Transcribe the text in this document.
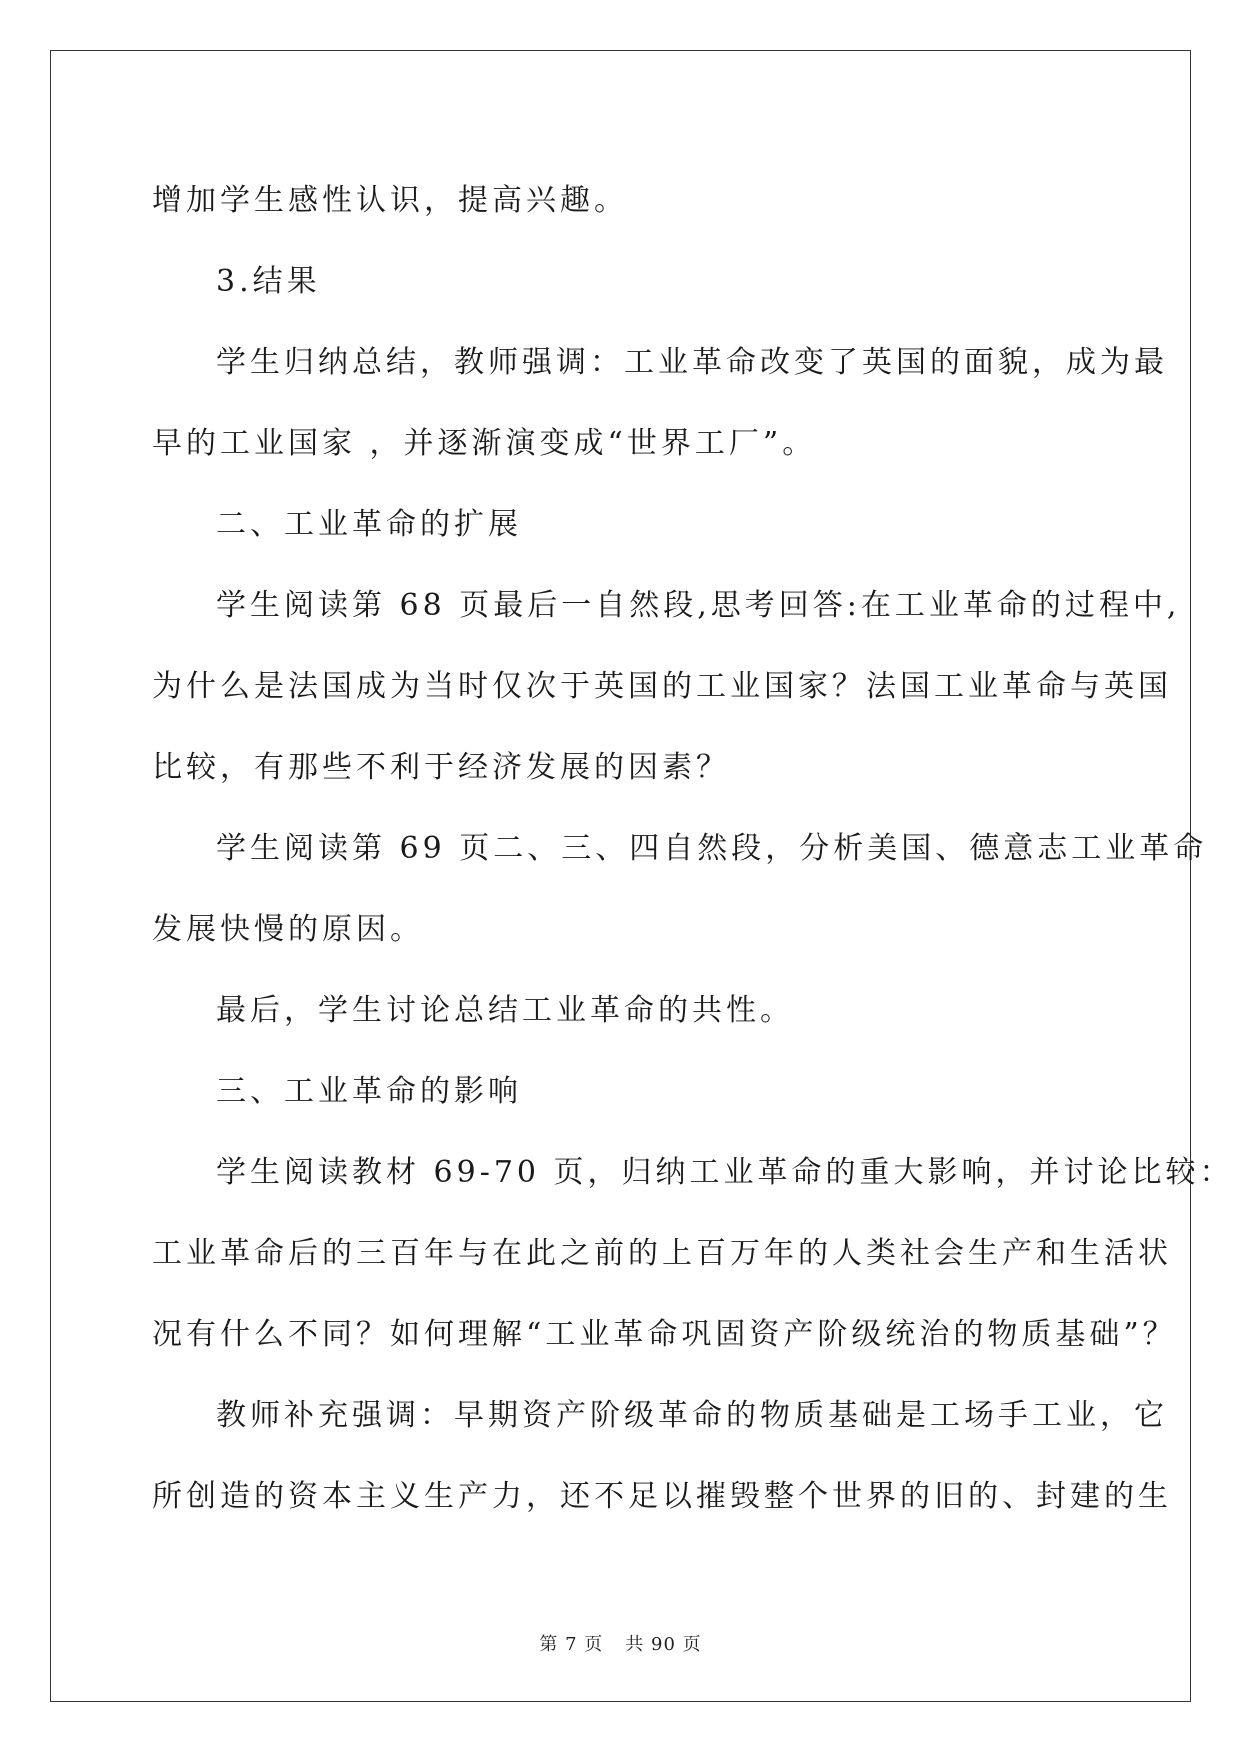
增加学生感性认识，提高兴趣。
3.结果
学生归纳总结，教师强调：工业革命改变了英国的面貌，成为最
早的工业国家 ，并逐渐演变成“世界工厂”。
二、工业革命的扩展
学生阅读第 68 页最后一自然段,思考回答:在工业革命的过程中,
为什么是法国成为当时仅次于英国的工业国家？法国工业革命与英国
比较，有那些不利于经济发展的因素？
学生阅读第 69 页二、三、四自然段，分析美国、德意志工业革命
发展快慢的原因。
最后，学生讨论总结工业革命的共性。
三、工业革命的影响
学生阅读教材 69-70 页，归纳工业革命的重大影响，并讨论比较：
工业革命后的三百年与在此之前的上百万年的人类社会生产和生活状
况有什么不同？如何理解“工业革命巩固资产阶级统治的物质基础”？
教师补充强调：早期资产阶级革命的物质基础是工场手工业，它
所创造的资本主义生产力，还不足以摧毁整个世界的旧的、封建的生
第 7 页 共 90 页
